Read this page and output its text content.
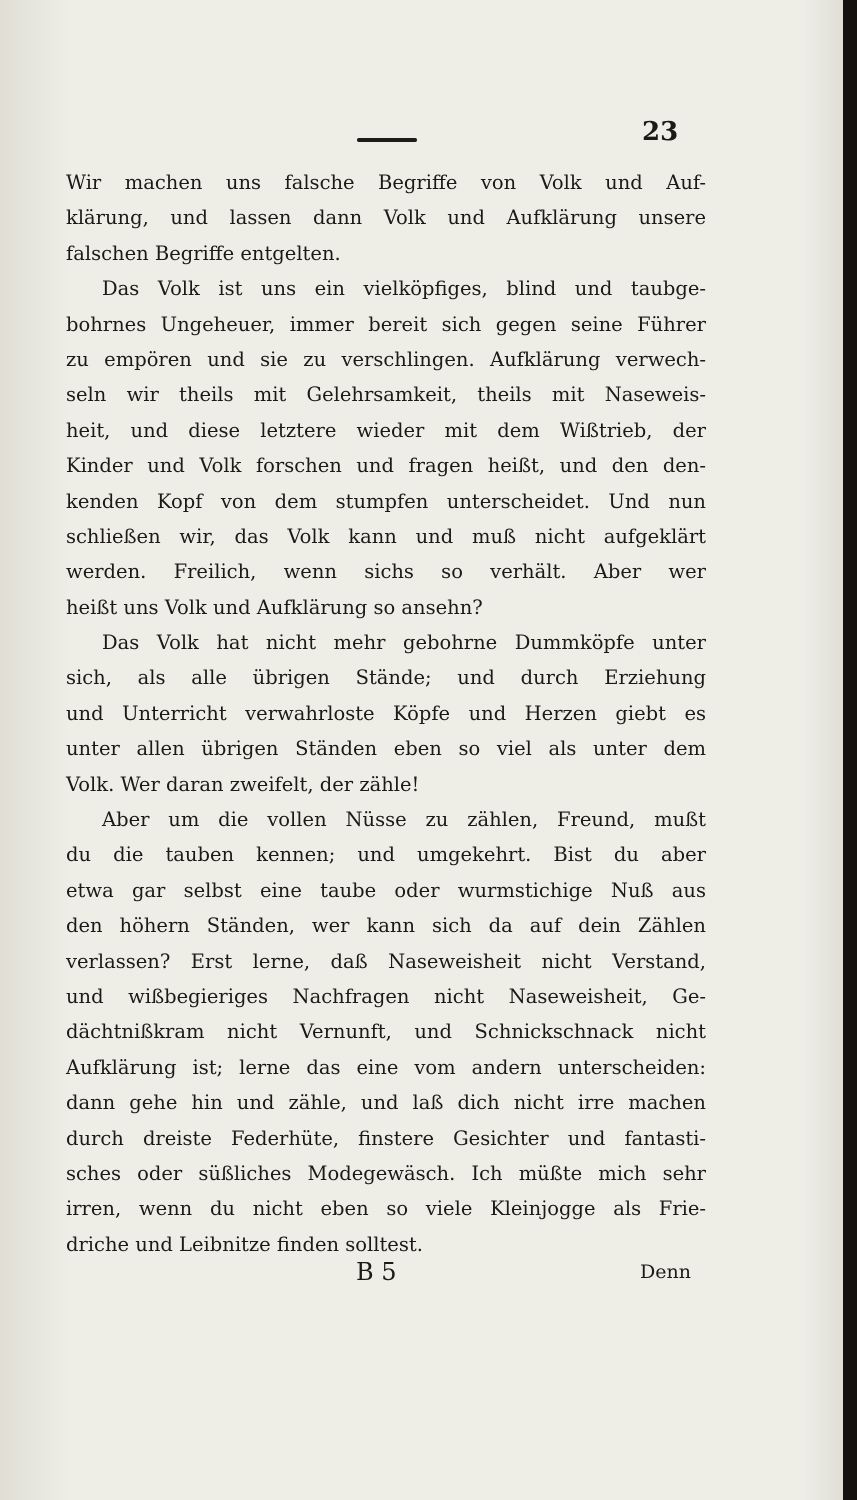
23
Wir machen uns falsche Begriffe von Volk und Auf-
klärung, und lassen dann Volk und Aufklärung unsere
falschen Begriffe entgelten.
Das Volk ist uns ein vielköpfiges, blind und taubge-
bohrnes Ungeheuer, immer bereit sich gegen seine Führer
zu empören und sie zu verschlingen. Aufklärung verwech-
seln wir theils mit Gelehrsamkeit, theils mit Naseweis-
heit, und diese letztere wieder mit dem Wißtrieb, der
Kinder und Volk forschen und fragen heißt, und den den-
kenden Kopf von dem stumpfen unterscheidet. Und nun
schließen wir, das Volk kann und muß nicht aufgeklärt
werden. Freilich, wenn sichs so verhält. Aber wer
heißt uns Volk und Aufklärung so ansehn?
Das Volk hat nicht mehr gebohrne Dummköpfe unter
sich, als alle übrigen Stände; und durch Erziehung
und Unterricht verwahrloste Köpfe und Herzen giebt es
unter allen übrigen Ständen eben so viel als unter dem
Volk. Wer daran zweifelt, der zähle!
Aber um die vollen Nüsse zu zählen, Freund, mußt
du die tauben kennen; und umgekehrt. Bist du aber
etwa gar selbst eine taube oder wurmstichige Nuß aus
den höhern Ständen, wer kann sich da auf dein Zählen
verlassen? Erst lerne, daß Naseweisheit nicht Verstand,
und wißbegieriges Nachfragen nicht Naseweisheit, Ge-
dächtnißkram nicht Vernunft, und Schnickschnack nicht
Aufklärung ist; lerne das eine vom andern unterscheiden:
dann gehe hin und zähle, und laß dich nicht irre machen
durch dreiste Federhüte, finstere Gesichter und fantasti-
sches oder süßliches Modegewäsch. Ich müßte mich sehr
irren, wenn du nicht eben so viele Kleinjogge als Frie-
driche und Leibnitze finden solltest.
B 5	Denn
